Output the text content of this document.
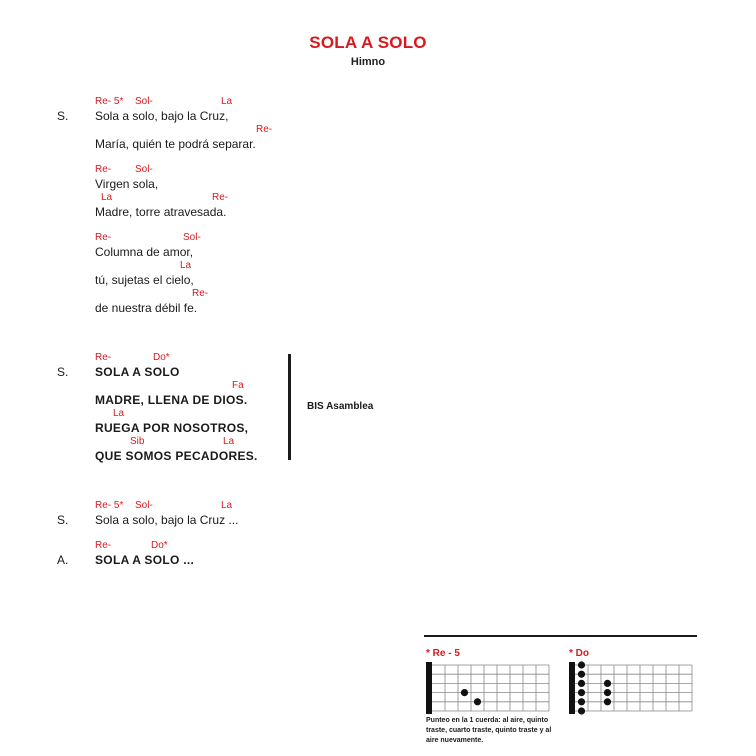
SOLA A SOLO
Himno
Re- 5* Sol-	La
S. Sola a solo, bajo la Cruz,
Re-
María, quién te podrá separar.
Re- Sol-
Virgen sola,
La	Re-
Madre, torre atravesada.
Re-	Sol-
Columna de amor,
La
tú, sujetas el cielo,
Re-
de nuestra débil fe.
Re-	Do*
S. SOLA A SOLO
Fa
MADRE, LLENA DE DIOS.
La
RUEGA POR NOSOTROS,
Sib	La
QUE SOMOS PECADORES.
BIS Asamblea
Re- 5* Sol-	La
S. Sola a solo, bajo la Cruz ...
Re-	Do*
A. SOLA A SOLO ...
* Re - 5	* Do
Punteo en la 1 cuerda: al aire, quinto traste, cuarto traste, quinto traste y al aire nuevamente.
